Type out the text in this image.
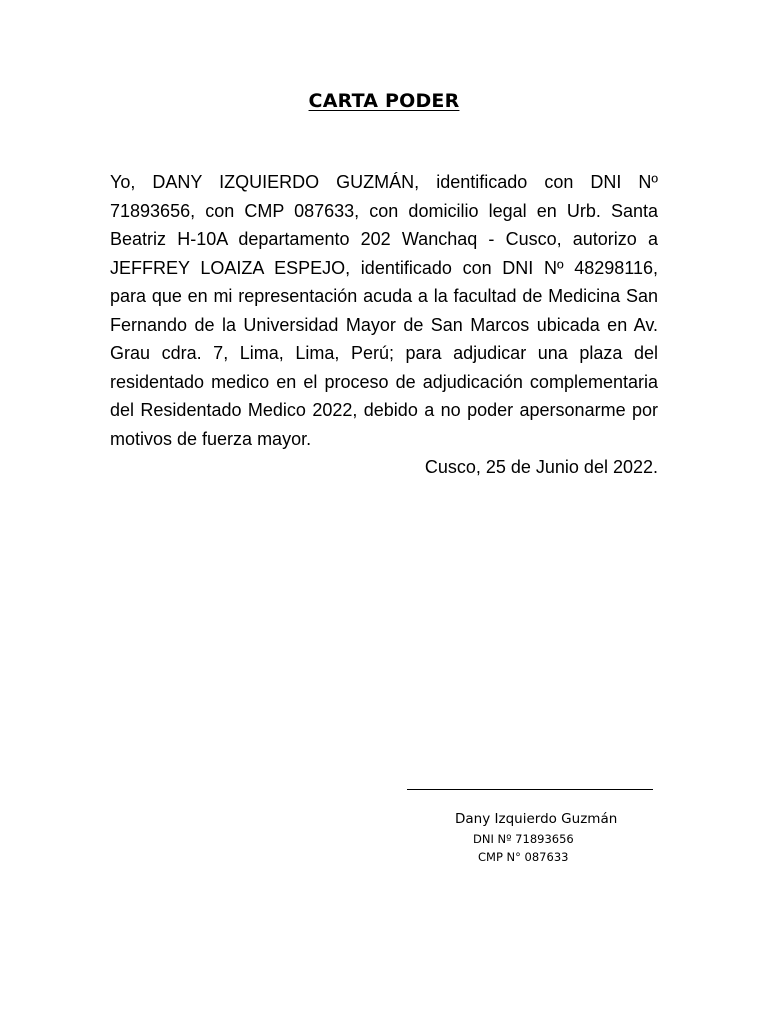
CARTA PODER

Yo, DANY IZQUIERDO GUZMÁN, identificado con DNI Nº 71893656, con CMP 087633, con domicilio legal en Urb. Santa Beatriz H-10A departamento 202 Wanchaq - Cusco, autorizo a JEFFREY LOAIZA ESPEJO, identificado con DNI Nº 48298116, para que en mi representación acuda a la facultad de Medicina San Fernando de la Universidad Mayor de San Marcos ubicada en Av. Grau cdra. 7, Lima, Lima, Perú; para adjudicar una plaza del residentado medico en el proceso de adjudicación complementaria del Residentado Medico 2022, debido a no poder apersonarme por motivos de fuerza mayor.

Cusco, 25 de Junio del 2022.

Dany Izquierdo Guzmán
DNI Nº 71893656
CMP N° 087633
